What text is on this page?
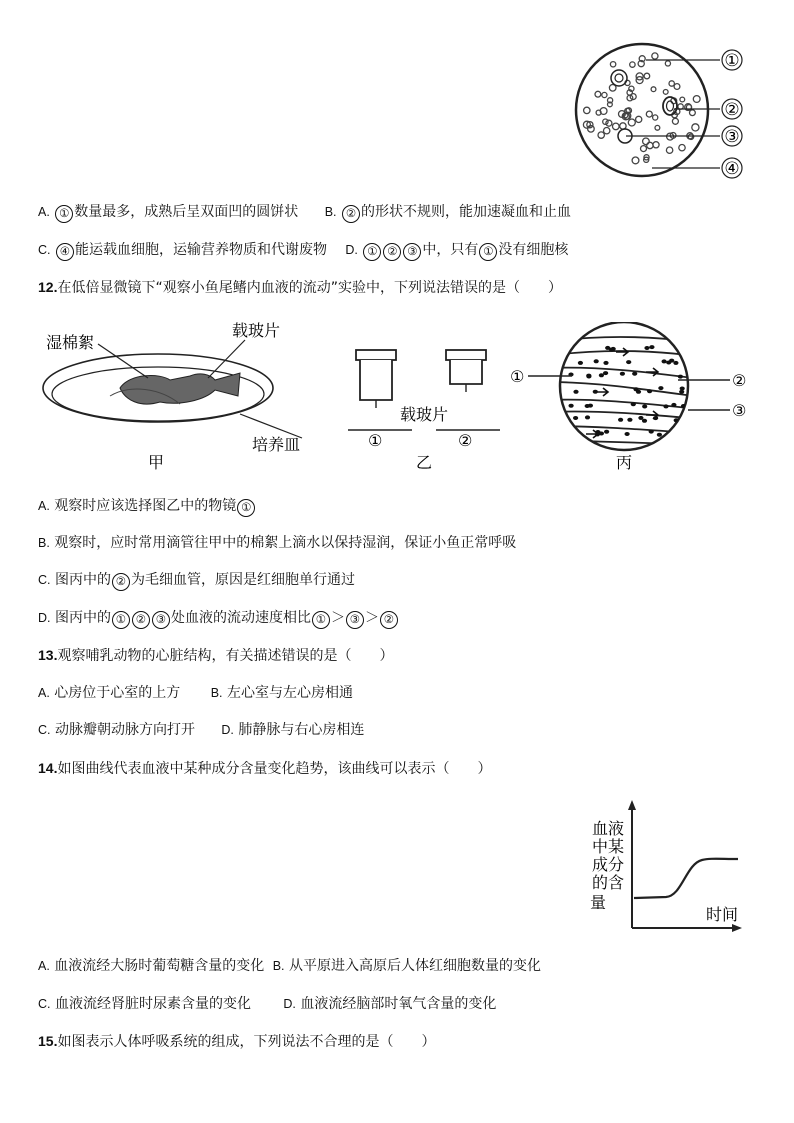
①
②
③
④
A. ① 数量最多，成熟后呈双面凹的圆饼状 B. ② 的形状不规则，能加速凝血和止血
C. ④ 能运载血细胞，运输营养物质和代谢废物 D. ① ② ③ 中，只有 ① 没有细胞核
12.在低倍显微镜下“观察小鱼尾鳍内血液的流动”实验中，下列说法错误的是（　　）
湿棉絮
载玻片
培养皿
甲
载玻片
①	②
乙
①	②
③
丙
A. 观察时应该选择图乙中的物镜 ①
B. 观察时，应时常用滴管往甲中的棉絮上滴水以保持湿润，保证小鱼正常呼吸
C. 图丙中的 ② 为毛细血管，原因是红细胞单行通过
D. 图丙中的 ① ② ③ 处血液的流动速度相比 ① ＞ ③ ＞ ②
13.观察哺乳动物的心脏结构，有关描述错误的是（　　）
A. 心房位于心室的上方 B. 左心室与左心房相通
C. 动脉瓣朝动脉方向打开 D. 肺静脉与右心房相连
14.如图曲线代表血液中某种成分含量变化趋势，该曲线可以表示（　　）
血液
中某
成分
的含
量
时间
A. 血液流经大肠时葡萄糖含量的变化 B. 从平原进入高原后人体红细胞数量的变化
C. 血液流经肾脏时尿素含量的变化	D. 血液流经脑部时氧气含量的变化
15.如图表示人体呼吸系统的组成，下列说法不合理的是（　　）
